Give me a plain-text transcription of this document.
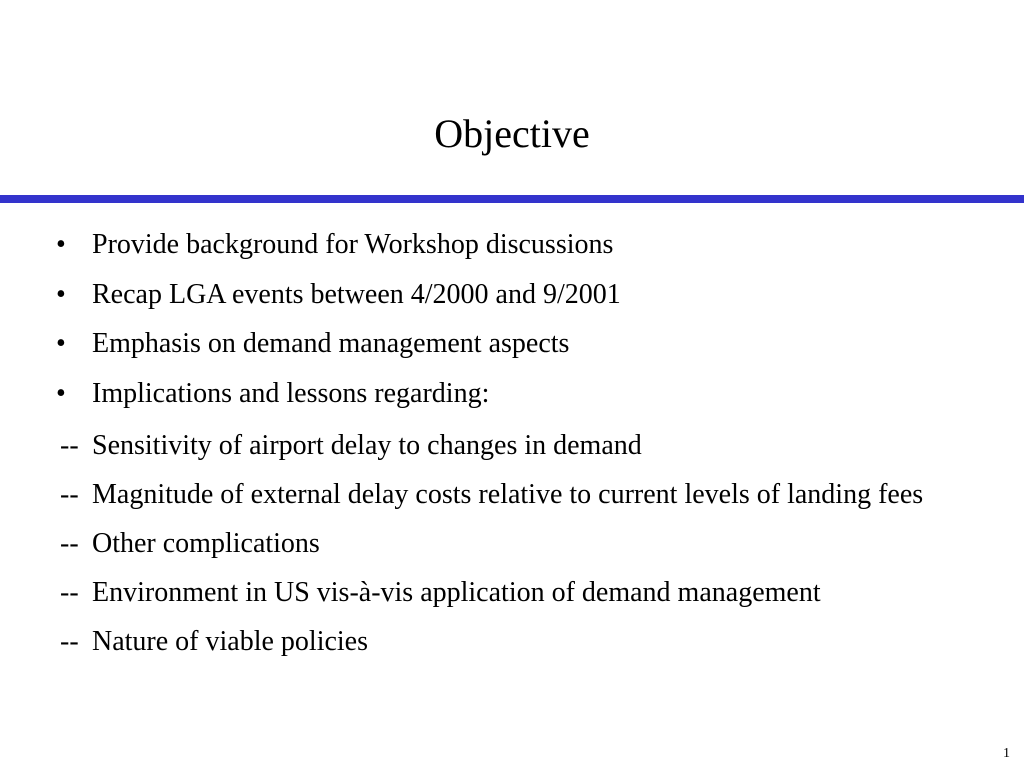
Objective
• Provide background for Workshop discussions
• Recap LGA events between 4/2000 and 9/2001
• Emphasis on demand management aspects
• Implications and lessons regarding:
-- Sensitivity of airport delay to changes in demand
-- Magnitude of external delay costs relative to current levels of landing fees
-- Other complications
-- Environment in US vis-à-vis application of demand management
-- Nature of viable policies
1
